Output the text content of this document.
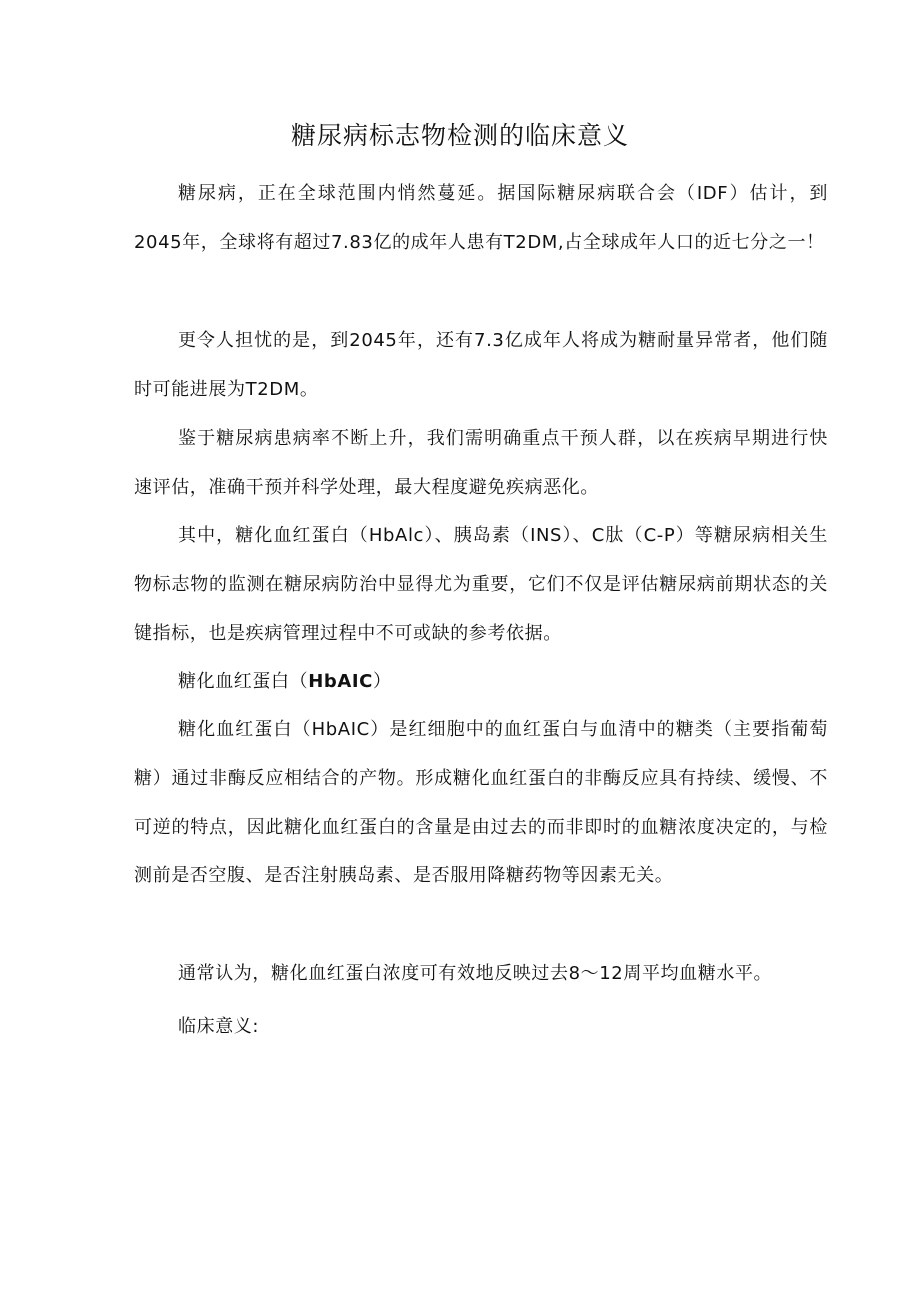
糖尿病标志物检测的临床意义

糖尿病，正在全球范围内悄然蔓延。据国际糖尿病联合会（IDF）估计，到2045年，全球将有超过7.83亿的成年人患有T2DM,占全球成年人口的近七分之一！

更令人担忧的是，到2045年，还有7.3亿成年人将成为糖耐量异常者，他们随时可能进展为T2DM。

鉴于糖尿病患病率不断上升，我们需明确重点干预人群，以在疾病早期进行快速评估，准确干预并科学处理，最大程度避免疾病恶化。

其中，糖化血红蛋白（HbAlc）、胰岛素（INS）、C肽（C-P）等糖尿病相关生物标志物的监测在糖尿病防治中显得尤为重要，它们不仅是评估糖尿病前期状态的关键指标，也是疾病管理过程中不可或缺的参考依据。

糖化血红蛋白（HbAIC）

糖化血红蛋白（HbAIC）是红细胞中的血红蛋白与血清中的糖类（主要指葡萄糖）通过非酶反应相结合的产物。形成糖化血红蛋白的非酶反应具有持续、缓慢、不可逆的特点，因此糖化血红蛋白的含量是由过去的而非即时的血糖浓度决定的，与检测前是否空腹、是否注射胰岛素、是否服用降糖药物等因素无关。

通常认为，糖化血红蛋白浓度可有效地反映过去8〜12周平均血糖水平。

临床意义:
